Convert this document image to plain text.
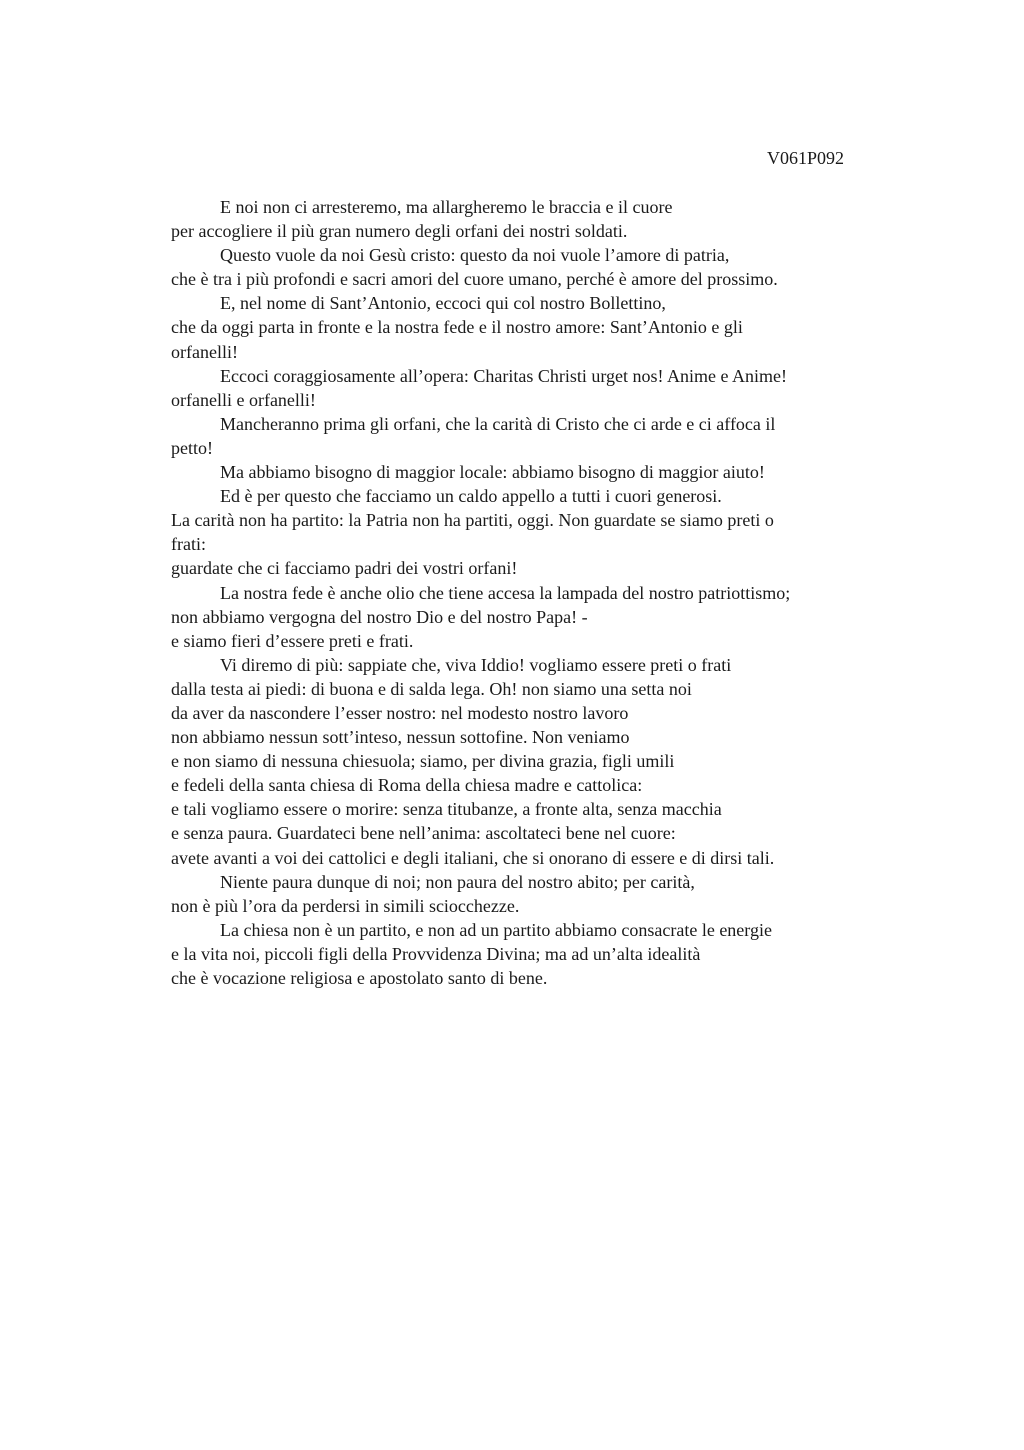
V061P092
E noi non ci arresteremo, ma allargheremo le braccia e il cuore
per accogliere il più gran numero degli orfani dei nostri soldati.
Questo vuole da noi Gesù cristo: questo da noi vuole l’amore di patria,
che è tra i più profondi e sacri amori del cuore umano, perché è amore del prossimo.
E, nel nome di Sant’Antonio, eccoci qui col nostro Bollettino,
che da oggi parta in fronte e la nostra fede e il nostro amore: Sant’Antonio e gli
orfanelli!
Eccoci coraggiosamente all’opera: Charitas Christi urget nos! Anime e Anime!
orfanelli e orfanelli!
Mancheranno prima gli orfani, che la carità di Cristo che ci arde e ci affoca il
petto!
Ma abbiamo bisogno di maggior locale: abbiamo bisogno di maggior aiuto!
Ed è per questo che facciamo un caldo appello a tutti i cuori generosi.
La carità non ha partito: la Patria non ha partiti, oggi. Non guardate se siamo preti o
frati:
guardate che ci facciamo padri dei vostri orfani!
La nostra fede è anche olio che tiene accesa la lampada del nostro patriottismo;
non abbiamo vergogna del nostro Dio e del nostro Papa! -
e siamo fieri d’essere preti e frati.
Vi diremo di più: sappiate che, viva Iddio! vogliamo essere preti o frati
dalla testa ai piedi: di buona e di salda lega. Oh! non siamo una setta noi
da aver da nascondere l’esser nostro: nel modesto nostro lavoro
non abbiamo nessun sott’inteso, nessun sottofine. Non veniamo
e non siamo di nessuna chiesuola; siamo, per divina grazia, figli umili
e fedeli della santa chiesa di Roma della chiesa madre e cattolica:
e tali vogliamo essere o morire: senza titubanze, a fronte alta, senza macchia
e senza paura. Guardateci bene nell’anima: ascoltateci bene nel cuore:
avete avanti a voi dei cattolici e degli italiani, che si onorano di essere e di dirsi tali.
Niente paura dunque di noi; non paura del nostro abito; per carità,
non è più l’ora da perdersi in simili sciocchezze.
La chiesa non è un partito, e non ad un partito abbiamo consacrate le energie
e la vita noi, piccoli figli della Provvidenza Divina; ma ad un’alta idealità
che è vocazione religiosa e apostolato santo di bene.
